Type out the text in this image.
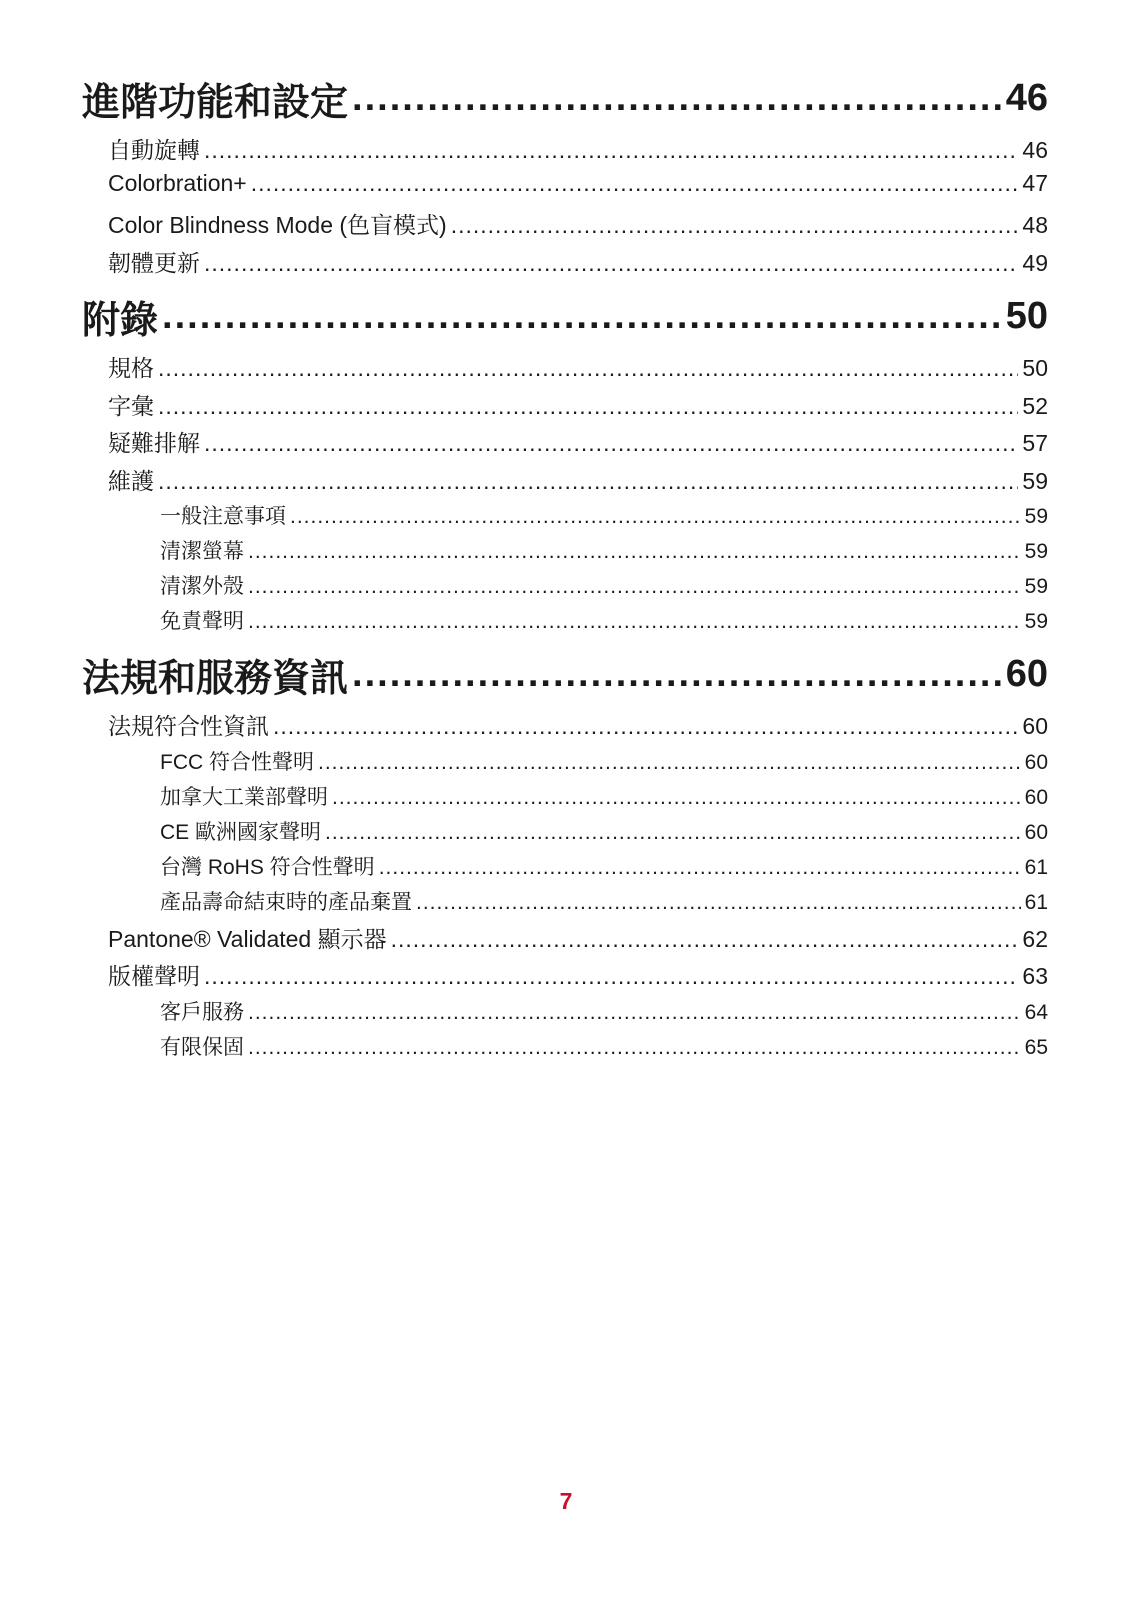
進階功能和設定 .....	46
自動旋轉 .....	46
Colorbration+ .....	47
Color Blindness Mode (色盲模式) .....	48
韌體更新 .....	49
附錄 .....	50
規格 .....	50
字彙 .....	52
疑難排解 .....	57
維護 .....	59
一般注意事項 .....	59
清潔螢幕 .....	59
清潔外殼 .....	59
免責聲明 .....	59
法規和服務資訊 .....	60
法規符合性資訊 .....	60
FCC 符合性聲明 .....	60
加拿大工業部聲明 .....	60
CE 歐洲國家聲明 .....	60
台灣 RoHS 符合性聲明 .....	61
產品壽命結束時的產品棄置 .....	61
Pantone® Validated 顯示器 .....	62
版權聲明 .....	63
客戶服務 .....	64
有限保固 .....	65
7
